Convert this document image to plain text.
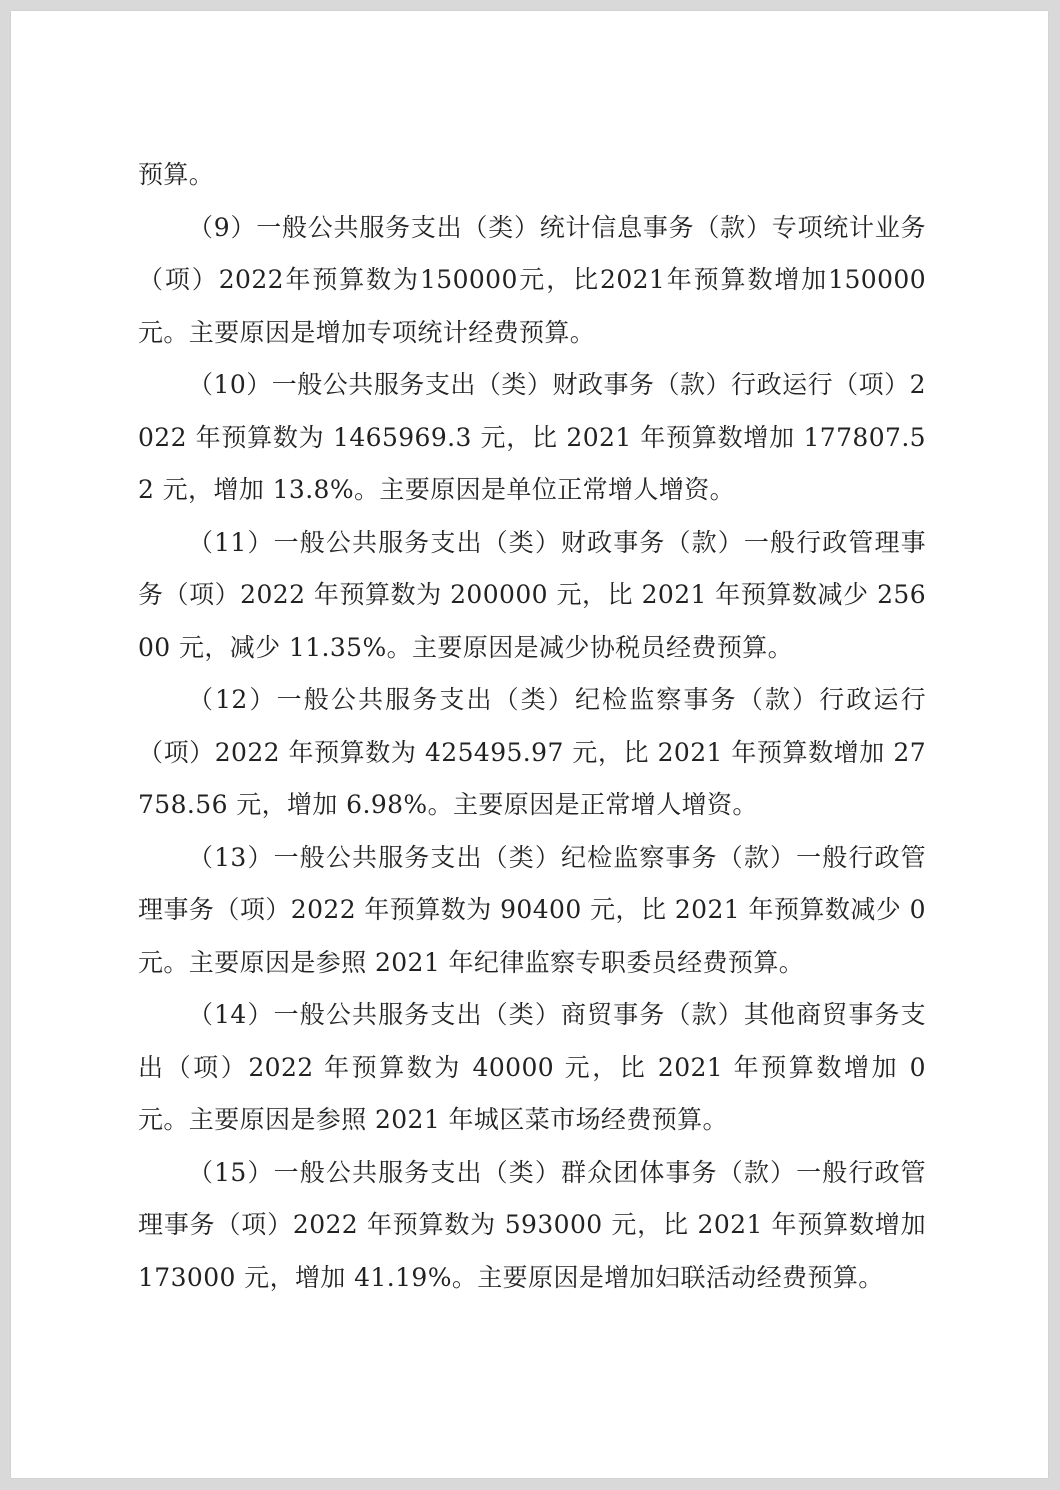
预算。

（9）一般公共服务支出（类）统计信息事务（款）专项统计业务（项）2022年预算数为150000元，比2021年预算数增加150000元。主要原因是增加专项统计经费预算。

（10）一般公共服务支出（类）财政事务（款）行政运行（项）2022 年预算数为 1465969.3 元，比 2021 年预算数增加 177807.52 元，增加 13.8%。主要原因是单位正常增人增资。

（11）一般公共服务支出（类）财政事务（款）一般行政管理事务（项）2022 年预算数为 200000 元，比 2021 年预算数减少 25600 元，减少 11.35%。主要原因是减少协税员经费预算。

（12）一般公共服务支出（类）纪检监察事务（款）行政运行（项）2022 年预算数为 425495.97 元，比 2021 年预算数增加 27758.56 元，增加 6.98%。主要原因是正常增人增资。

（13）一般公共服务支出（类）纪检监察事务（款）一般行政管理事务（项）2022 年预算数为 90400 元，比 2021 年预算数减少 0 元。主要原因是参照 2021 年纪律监察专职委员经费预算。

（14）一般公共服务支出（类）商贸事务（款）其他商贸事务支出（项）2022 年预算数为 40000 元，比 2021 年预算数增加 0 元。主要原因是参照 2021 年城区菜市场经费预算。

（15）一般公共服务支出（类）群众团体事务（款）一般行政管理事务（项）2022 年预算数为 593000 元，比 2021 年预算数增加 173000 元，增加 41.19%。主要原因是增加妇联活动经费预算。
